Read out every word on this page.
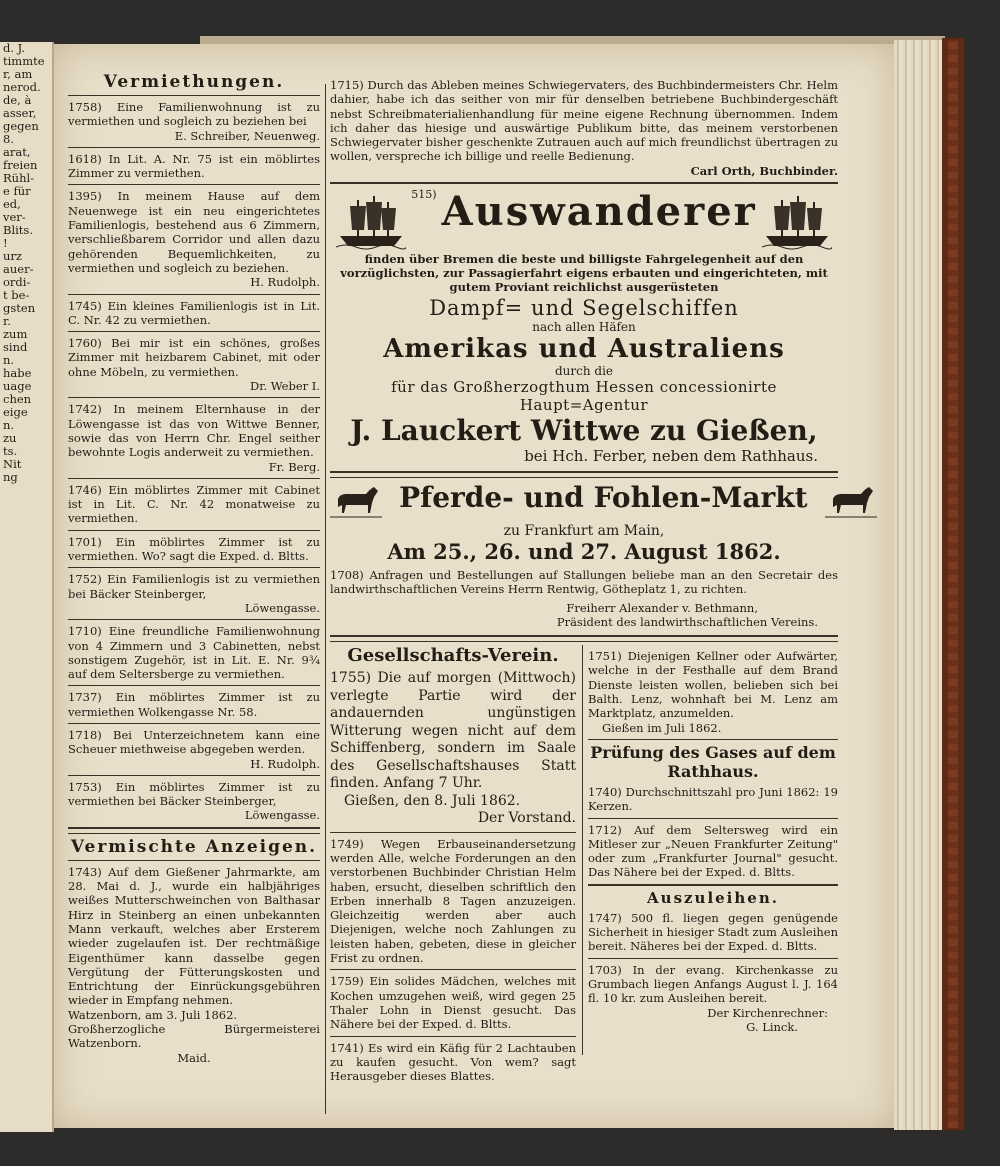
d. J.
timmte
r, am
nerod.
de, à
asser,
gegen
8.
arat,
freien
Rühl-
e für
ed,
ver-
Blits.
!
urz
auer-
ordi-
t be-
gsten
r.
zum
sind
n.
habe
uage
chen
eige
n.
zu
ts.
Nit
ng
Vermiethungen.
1758) Eine Familienwohnung ist zu vermiethen und sogleich zu beziehen bei
E. Schreiber, Neuenweg.
1618) In Lit. A. Nr. 75 ist ein möblirtes Zimmer zu vermiethen.
1395) In meinem Hause auf dem Neuenwege ist ein neu eingerichtetes Familienlogis, bestehend aus 6 Zimmern, verschließbarem Corridor und allen dazu gehörenden Bequemlichkeiten, zu vermiethen und sogleich zu beziehen.
H. Rudolph.
1745) Ein kleines Familienlogis ist in Lit. C. Nr. 42 zu vermiethen.
1760) Bei mir ist ein schönes, großes Zimmer mit heizbarem Cabinet, mit oder ohne Möbeln, zu vermiethen.
Dr. Weber I.
1742) In meinem Elternhause in der Löwengasse ist das von Wittwe Benner, sowie das von Herrn Chr. Engel seither bewohnte Logis anderweit zu vermiethen.
Fr. Berg.
1746) Ein möblirtes Zimmer mit Cabinet ist in Lit. C. Nr. 42 monatweise zu vermiethen.
1701) Ein möblirtes Zimmer ist zu vermiethen. Wo? sagt die Exped. d. Bltts.
1752) Ein Familienlogis ist zu vermiethen bei Bäcker Steinberger,
Löwengasse.
1710) Eine freundliche Familienwohnung von 4 Zimmern und 3 Cabinetten, nebst sonstigem Zugehör, ist in Lit. E. Nr. 9¾ auf dem Seltersberge zu vermiethen.
1737) Ein möblirtes Zimmer ist zu vermiethen Wolkengasse Nr. 58.
1718) Bei Unterzeichnetem kann eine Scheuer miethweise abgegeben werden.
H. Rudolph.
1753) Ein möblirtes Zimmer ist zu vermiethen bei Bäcker Steinberger,
Löwengasse.
Vermischte Anzeigen.
1743) Auf dem Gießener Jahrmarkte, am 28. Mai d. J., wurde ein halbjähriges weißes Mutterschweinchen von Balthasar Hirz in Steinberg an einen unbekannten Mann verkauft, welches aber Ersterem wieder zugelaufen ist. Der rechtmäßige Eigenthümer kann dasselbe gegen Vergütung der Fütterungskosten und Entrichtung der Einrückungsgebühren wieder in Empfang nehmen.
Watzenborn, am 3. Juli 1862.
Großherzogliche Bürgermeisterei Watzenborn.
Maid.
1715) Durch das Ableben meines Schwiegervaters, des Buchbindermeisters Chr. Helm dahier, habe ich das seither von mir für denselben betriebene Buchbindergeschäft nebst Schreibmaterialienhandlung für meine eigene Rechnung übernommen. Indem ich daher das hiesige und auswärtige Publikum bitte, das meinem verstorbenen Schwiegervater bisher geschenkte Zutrauen auch auf mich freundlichst übertragen zu wollen, verspreche ich billige und reelle Bedienung.
Carl Orth, Buchbinder.
$^{515)}$ Auswanderer
finden über Bremen die beste und billigste Fahrgelegenheit auf den vorzüglichsten, zur Passagierfahrt eigens erbauten und eingerichteten, mit gutem Proviant reichlichst ausgerüsteten
Dampf= und Segelschiffen
nach allen Häfen
Amerikas und Australiens
durch die
für das Großherzogthum Hessen concessionirte Haupt=Agentur
J. Lauckert Wittwe zu Gießen,
bei Hch. Ferber, neben dem Rathhaus.
Pferde- und Fohlen-Markt
zu Frankfurt am Main,
Am 25., 26. und 27. August 1862.
1708) Anfragen und Bestellungen auf Stallungen beliebe man an den Secretair des landwirthschaftlichen Vereins Herrn Rentwig, Götheplatz 1, zu richten.
Freiherr Alexander v. Bethmann,
Präsident des landwirthschaftlichen Vereins.
Gesellschafts-Verein.
1755) Die auf morgen (Mittwoch) verlegte Partie wird der andauernden ungünstigen Witterung wegen nicht auf dem Schiffenberg, sondern im Saale des Gesellschaftshauses Statt finden. Anfang 7 Uhr.
Gießen, den 8. Juli 1862.
Der Vorstand.
1749) Wegen Erbauseinandersetzung werden Alle, welche Forderungen an den verstorbenen Buchbinder Christian Helm haben, ersucht, dieselben schriftlich den Erben innerhalb 8 Tagen anzuzeigen. Gleichzeitig werden aber auch Diejenigen, welche noch Zahlungen zu leisten haben, gebeten, diese in gleicher Frist zu ordnen.
1759) Ein solides Mädchen, welches mit Kochen umzugehen weiß, wird gegen 25 Thaler Lohn in Dienst gesucht. Das Nähere bei der Exped. d. Bltts.
1741) Es wird ein Käfig für 2 Lachtauben zu kaufen gesucht. Von wem? sagt Herausgeber dieses Blattes.
1751) Diejenigen Kellner oder Aufwärter, welche in der Festhalle auf dem Brand Dienste leisten wollen, belieben sich bei Balth. Lenz, wohnhaft bei M. Lenz am Marktplatz, anzumelden.
Gießen im Juli 1862.
Prüfung des Gases auf dem Rathhaus.
1740) Durchschnittszahl pro Juni 1862: 19 Kerzen.
1712) Auf dem Seltersweg wird ein Mitleser zur „Neuen Frankfurter Zeitung" oder zum „Frankfurter Journal" gesucht. Das Nähere bei der Exped. d. Bltts.
Auszuleihen.
1747) 500 fl. liegen gegen genügende Sicherheit in hiesiger Stadt zum Ausleihen bereit. Näheres bei der Exped. d. Bltts.
1703) In der evang. Kirchenkasse zu Grumbach liegen Anfangs August l. J. 164 fl. 10 kr. zum Ausleihen bereit.
Der Kirchenrechner:
G. Linck.
